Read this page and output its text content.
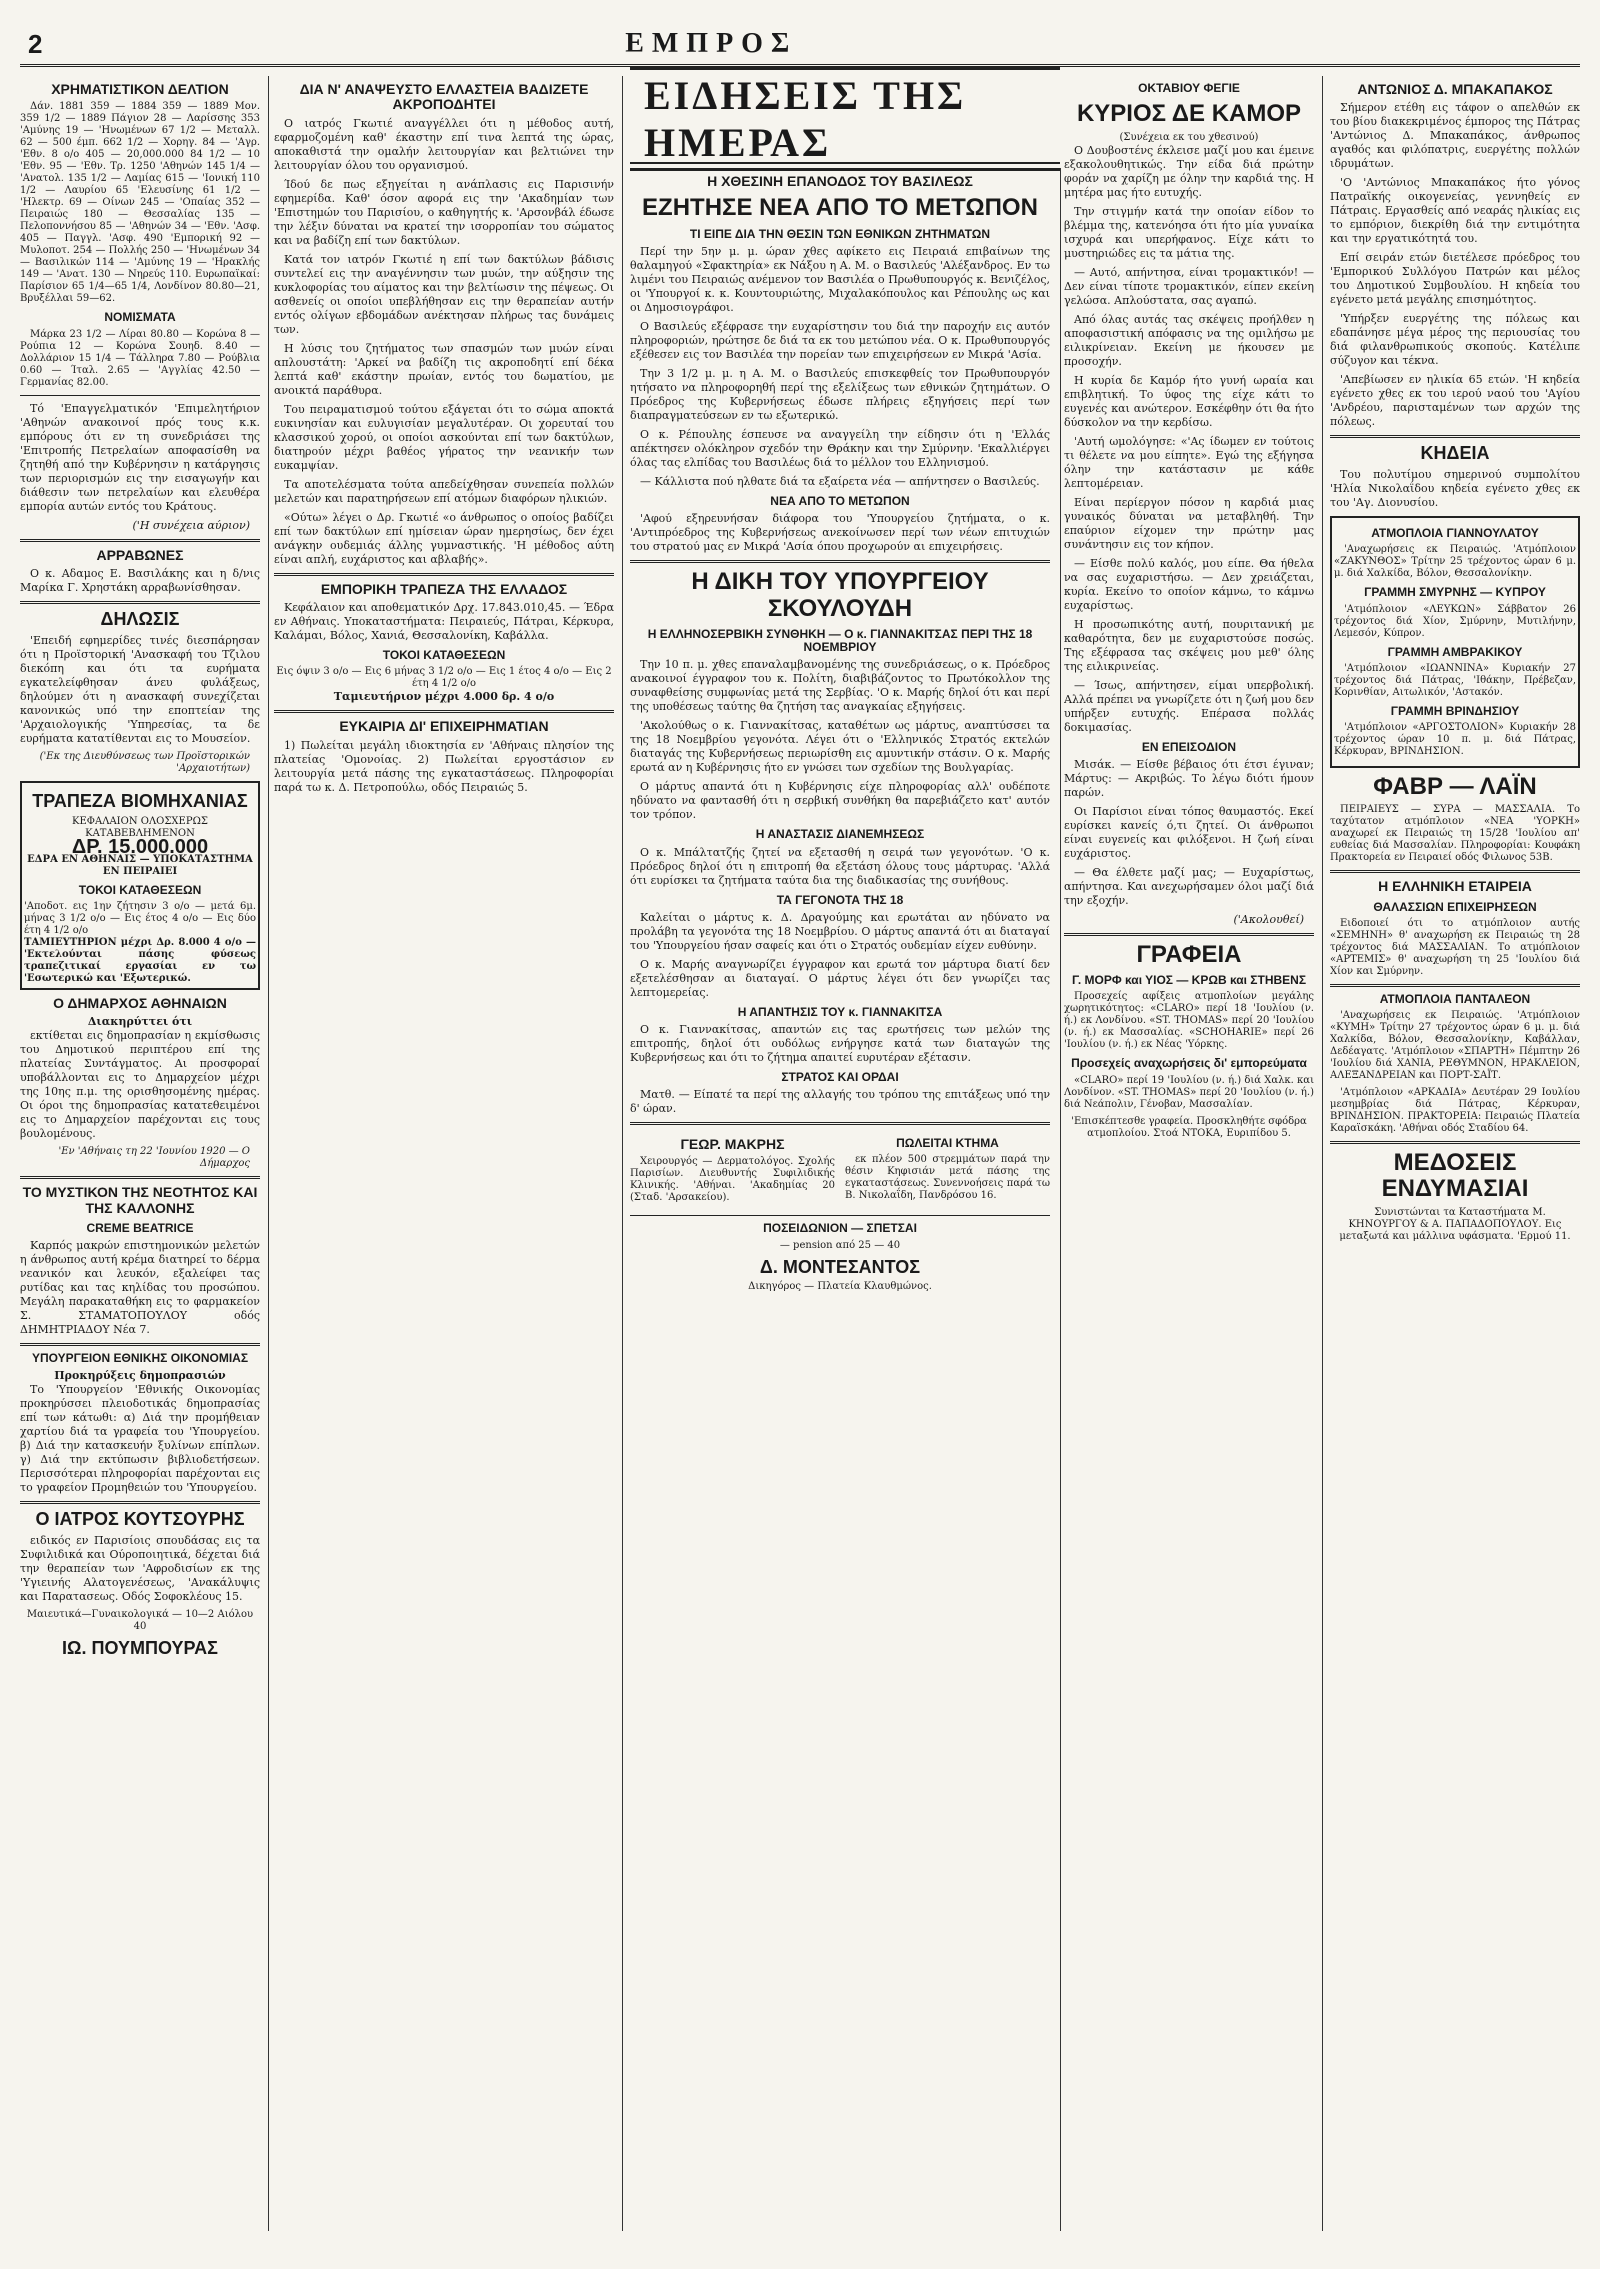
2	ΕΜΠΡΟΣ
ΧΡΗΜΑΤΙΣΤΙΚΟΝ ΔΕΛΤΙΟΝ

Δάν. 1881 359 — 1884 359 — 1889 Μον. 359 1/2 — 1889 Πάγιον 28 — Λαρίσσης 353 'Αμύνης 19 — 'Ηνωμένων 67 1/2 — Μεταλλ. 62 — 500 έμπ. 662 1/2 — Χορηγ. 84 — 'Αγρ. 'Εθν. 8 ο/ο 405 — 20,000.000 84 1/2 — 10 'Εθν. 95 — 'Εθν. Τρ. 1250 'Αθηνών 145 1/4 — 'Ανατολ. 135 1/2 — Λαμίας 615 — 'Ιονική 110 1/2 — Λαυρίου 65 'Ελευσίνης 61 1/2 — 'Ηλεκτρ. 69 — Οίνων 245 — 'Οπαίας 352 — Πειραιώς 180 — Θεσσαλίας 135 — Πελοποννήσου 85 — 'Αθηνών 34 — 'Εθν. 'Ασφ. 405 — Παγγλ. 'Ασφ. 490 'Εμπορική 92 — Μυλοποτ. 254 — Πολλής 250 — 'Ηνωμένων 34 — Βασιλικών 114 — 'Αμύνης 19 — 'Ηρακλής 149 — 'Ανατ. 130 — Νηρεύς 110. Ευρωπαϊκαί: Παρίσιον 65 1/4—65 1/4, Λονδίνον 80.80—21, Βρυξέλλαι 59—62.

ΝΟΜΙΣΜΑΤΑ

Μάρκα 23 1/2 — Λίραι 80.80 — Κορώνα 8 — Ρούπια 12 — Κορώνα Σουηδ. 8.40 — Δολλάριον 15 1/4 — Τάλληρα 7.80 — Ρούβλια 0.60 — Ίταλ. 2.65 — 'Αγγλίας 42.50 — Γερμανίας 82.00.

Τό 'Επαγγελματικόν 'Επιμελητήριον 'Αθηνών ανακοινοί πρός τους κ.κ. εμπόρους ότι εν τη συνεδριάσει της 'Επιτροπής Πετρελαίων αποφασίσθη να ζητηθή από την Κυβέρνησιν η κατάργησις των περιορισμών εις την εισαγωγήν και διάθεσιν των πετρελαίων και ελευθέρα εμπορία αυτών εντός του Κράτους.

('Η συνέχεια αύριον)
ΑΡΡΑΒΩΝΕΣ

Ο κ. Αδαμος Ε. Βασιλάκης και η δ/νις Μαρίκα Γ. Χρηστάκη αρραβωνίσθησαν.

ΔΗΛΩΣΙΣ

'Επειδή εφημερίδες τινές διεσπάρησαν ότι η Προϊστορική 'Ανασκαφή του Τζιλου διεκόπη και ότι τα ευρήματα εγκατελείφθησαν άνευ φυλάξεως, δηλούμεν ότι η ανασκαφή συνεχίζεται κανονικώς υπό την εποπτείαν της 'Αρχαιολογικής 'Υπηρεσίας, τα δε ευρήματα κατατίθενται εις το Μουσείον.

('Εκ της Διευθύνσεως των Προϊστορικών 'Αρχαιοτήτων)
ΤΡΑΠΕΖΑ ΒΙΟΜΗΧΑΝΙΑΣ
ΚΕΦΑΛΑΙΟΝ ΟΛΟΣΧΕΡΩΣ ΚΑΤΑΒΕΒΛΗΜΕΝΟΝ
ΔΡ. 15.000.000
ΕΔΡΑ ΕΝ ΑΘΗΝΑΙΣ — ΥΠΟΚΑΤΑΣΤΗΜΑ ΕΝ ΠΕΙΡΑΙΕΙ
ΤΟΚΟΙ ΚΑΤΑΘΕΣΕΩΝ
'Αποδοτ. εις 1ην ζήτησιν 3 ο/ο — μετά 6μ. μήνας 3 1/2 ο/ο — Εις έτος 4 ο/ο — Εις δύο έτη 4 1/2 ο/ο
ΤΑΜΙΕΥΤΗΡΙΟΝ μέχρι Δρ. 8.000 4 ο/ο — 'Εκτελούνται πάσης φύσεως τραπεζιτικαί εργασίαι εν τω 'Εσωτερικώ και 'Εξωτερικώ.
Ο ΔΗΜΑΡΧΟΣ ΑΘΗΝΑΙΩΝ
Διακηρύττει ότι

εκτίθεται εις δημοπρασίαν η εκμίσθωσις του Δημοτικού περιπτέρου επί της πλατείας Συντάγματος. Αι προσφοραί υποβάλλονται εις το Δημαρχείον μέχρι της 10ης π.μ. της ορισθησομένης ημέρας. Οι όροι της δημοπρασίας κατατεθειμένοι εις το Δημαρχείον παρέχονται εις τους βουλομένους.

'Εν 'Αθήναις τη 22 'Ιουνίου 1920 — Ο Δήμαρχος
ΤΟ ΜΥΣΤΙΚΟΝ ΤΗΣ ΝΕΟΤΗΤΟΣ ΚΑΙ ΤΗΣ ΚΑΛΛΟΝΗΣ
CREME BEATRICE

Καρπός μακρών επιστημονικών μελετών η άνθρωπος αυτή κρέμα διατηρεί το δέρμα νεανικόν και λευκόν, εξαλείφει τας ρυτίδας και τας κηλίδας του προσώπου. Μεγάλη παρακαταθήκη εις το φαρμακείον Σ. ΣΤΑΜΑΤΟΠΟΥΛΟΥ οδός ΔΗΜΗΤΡΙΑΔΟΥ Νέα 7.

ΥΠΟΥΡΓΕΙΟΝ ΕΘΝΙΚΗΣ ΟΙΚΟΝΟΜΙΑΣ
Προκηρύξεις δημοπρασιών

Το 'Υπουργείον 'Εθνικής Οικονομίας προκηρύσσει πλειοδοτικάς δημοπρασίας επί των κάτωθι: α) Διά την προμήθειαν χαρτίου διά τα γραφεία του 'Υπουργείου. β) Διά την κατασκευήν ξυλίνων επίπλων. γ) Διά την εκτύπωσιν βιβλιοδετήσεων. Περισσότεραι πληροφορίαι παρέχονται εις το γραφείον Προμηθειών του 'Υπουργείου.

Ο ΙΑΤΡΟΣ ΚΟΥΤΣΟΥΡΗΣ

ειδικός εν Παρισίοις σπουδάσας εις τα Συφιλιδικά και Ούροποιητικά, δέχεται διά την θεραπείαν των 'Αφροδισίων εκ της 'Υγιεινής Αλατογενέσεως, 'Ανακάλυψις και Παρατασεως. Οδός Σοφοκλέους 15.

Μαιευτικά—Γυναικολογικά — 10—2 Αιόλου 40
ΙΩ. ΠΟΥΜΠΟΥΡΑΣ
ΔΙΑ Ν' ΑΝΑΨΕΥΣΤΟ ΕΛΛΑΣΤΕΙΑ ΒΑΔΙΖΕΤΕ ΑΚΡΟΠΟΔΗΤΕΙ

Ο ιατρός Γκωτιέ αναγγέλλει ότι η μέθοδος αυτή, εφαρμοζομένη καθ' έκαστην επί τινα λεπτά της ώρας, αποκαθιστά την ομαλήν λειτουργίαν και βελτιώνει την λειτουργίαν όλου του οργανισμού.

Ίδού δε πως εξηγείται η ανάπλασις εις Παρισινήν εφημερίδα. Καθ' όσον αφορά εις την 'Ακαδημίαν των 'Επιστημών του Παρισίου, ο καθηγητής κ. 'Αρσονβάλ έδωσε την λέξιν δύναται να κρατεί την ισορροπίαν του σώματος και να βαδίζη επί των δακτύλων.

Κατά τον ιατρόν Γκωτιέ η επί των δακτύλων βάδισις συντελεί εις την αναγέννησιν των μυών, την αύξησιν της κυκλοφορίας του αίματος και την βελτίωσιν της πέψεως. Οι ασθενείς οι οποίοι υπεβλήθησαν εις την θεραπείαν αυτήν εντός ολίγων εβδομάδων ανέκτησαν πλήρως τας δυνάμεις των.

Η λύσις του ζητήματος των σπασμών των μυών είναι απλουστάτη: 'Αρκεί να βαδίζη τις ακροποδητί επί δέκα λεπτά καθ' εκάστην πρωίαν, εντός του δωματίου, με ανοικτά παράθυρα.

Του πειραματισμού τούτου εξάγεται ότι το σώμα αποκτά ευκινησίαν και ευλυγισίαν μεγαλυτέραν. Οι χορευταί του κλασσικού χορού, οι οποίοι ασκούνται επί των δακτύλων, διατηρούν μέχρι βαθέος γήρατος την νεανικήν των ευκαμψίαν.

Τα αποτελέσματα τούτα απεδείχθησαν συνεπεία πολλών μελετών και παρατηρήσεων επί ατόμων διαφόρων ηλικιών.

«Ούτω» λέγει ο Δρ. Γκωτιέ «ο άνθρωπος ο οποίος βαδίζει επί των δακτύλων επί ημίσειαν ώραν ημερησίως, δεν έχει ανάγκην ουδεμιάς άλλης γυμναστικής. 'Η μέθοδος αύτη είναι απλή, ευχάριστος και αβλαβής».

ΕΜΠΟΡΙΚΗ ΤΡΑΠΕΖΑ ΤΗΣ ΕΛΛΑΔΟΣ

Κεφάλαιον και αποθεματικόν Δρχ. 17.843.010,45. — Έδρα εν Αθήναις. Υποκαταστήματα: Πειραιεύς, Πάτραι, Κέρκυρα, Καλάμαι, Βόλος, Χανιά, Θεσσαλονίκη, Καβάλλα.

ΤΟΚΟΙ ΚΑΤΑΘΕΣΕΩΝ
Εις όψιν 3 ο/ο — Εις 6 μήνας 3 1/2 ο/ο — Εις 1 έτος 4 ο/ο — Εις 2 έτη 4 1/2 ο/ο
Ταμιευτήριον μέχρι 4.000 δρ. 4 ο/ο
ΕΥΚΑΙΡΙΑ ΔΙ' ΕΠΙΧΕΙΡΗΜΑΤΙΑΝ

1) Πωλείται μεγάλη ιδιοκτησία εν 'Αθήναις πλησίον της πλατείας 'Ομονοίας. 2) Πωλείται εργοστάσιον εν λειτουργία μετά πάσης της εγκαταστάσεως. Πληροφορίαι παρά τω κ. Δ. Πετροπούλω, οδός Πειραιώς 5.

ΕΙΔΗΣΕΙΣ ΤΗΣ ΗΜΕΡΑΣ
Η ΧΘΕΣΙΝΗ ΕΠΑΝΟΔΟΣ ΤΟΥ ΒΑΣΙΛΕΩΣ
ΕΖΗΤΗΣΕ ΝΕΑ ΑΠΟ ΤΟ ΜΕΤΩΠΟΝ
ΤΙ ΕΙΠΕ ΔΙΑ ΤΗΝ ΘΕΣΙΝ ΤΩΝ ΕΘΝΙΚΩΝ ΖΗΤΗΜΑΤΩΝ

Περί την 5ην μ. μ. ώραν χθες αφίκετο εις Πειραιά επιβαίνων της θαλαμηγού «Σφακτηρία» εκ Νάξου η Α. Μ. ο Βασιλεύς 'Αλέξανδρος. Εν τω λιμένι του Πειραιώς ανέμενον τον Βασιλέα ο Πρωθυπουργός κ. Βενιζέλος, οι 'Υπουργοί κ. κ. Κουντουριώτης, Μιχαλακόπουλος και Ρέπουλης ως και οι Δημοσιογράφοι.

Ο Βασιλεύς εξέφρασε την ευχαρίστησιν του διά την παροχήν εις αυτόν πληροφοριών, ηρώτησε δε διά τα εκ του μετώπου νέα. Ο κ. Πρωθυπουργός εξέθεσεν εις τον Βασιλέα την πορείαν των επιχειρήσεων εν Μικρά 'Ασία.

Την 3 1/2 μ. μ. η Α. Μ. ο Βασιλεύς επισκεφθείς τον Πρωθυπουργόν ητήσατο να πληροφορηθή περί της εξελίξεως των εθνικών ζητημάτων. Ο Πρόεδρος της Κυβερνήσεως έδωσε πλήρεις εξηγήσεις περί των διαπραγματεύσεων εν τω εξωτερικώ.

Ο κ. Ρέπουλης έσπευσε να αναγγείλη την είδησιν ότι η 'Ελλάς απέκτησεν ολόκληρον σχεδόν την Θράκην και την Σμύρνην. 'Εκαλλιέργει όλας τας ελπίδας του Βασιλέως διά το μέλλον του Ελληνισμού.

— Κάλλιστα πού ηλθατε διά τα εξαίρετα νέα — απήντησεν ο Βασιλεύς.

ΝΕΑ ΑΠΟ ΤΟ ΜΕΤΩΠΟΝ

'Αφού εξηρευνήσαν διάφορα του 'Υπουργείου ζητήματα, ο κ. 'Αντιπρόεδρος της Κυβερνήσεως ανεκοίνωσεν περί των νέων επιτυχιών του στρατού μας εν Μικρά 'Ασία όπου προχωρούν αι επιχειρήσεις.

Η ΔΙΚΗ ΤΟΥ ΥΠΟΥΡΓΕΙΟΥ ΣΚΟΥΛΟΥΔΗ
Η ΕΛΛΗΝΟΣΕΡΒΙΚΗ ΣΥΝΘΗΚΗ — Ο κ. ΓΙΑΝΝΑΚΙΤΣΑΣ ΠΕΡΙ ΤΗΣ 18 ΝΟΕΜΒΡΙΟΥ

Την 10 π. μ. χθες επαναλαμβανομένης της συνεδριάσεως, ο κ. Πρόεδρος ανακοινοί έγγραφον του κ. Πολίτη, διαβιβάζοντος το Πρωτόκολλον της συναφθείσης συμφωνίας μετά της Σερβίας. 'Ο κ. Μαρής δηλοί ότι και περί της υποθέσεως ταύτης θα ζητήση τας αναγκαίας εξηγήσεις.

'Ακολούθως ο κ. Γιαννακίτσας, καταθέτων ως μάρτυς, αναπτύσσει τα της 18 Νοεμβρίου γεγονότα. Λέγει ότι ο 'Ελληνικός Στρατός εκτελών διαταγάς της Κυβερνήσεως περιωρίσθη εις αμυντικήν στάσιν. Ο κ. Μαρής ερωτά αν η Κυβέρνησις ήτο εν γνώσει των σχεδίων της Βουλγαρίας.

Ο μάρτυς απαντά ότι η Κυβέρνησις είχε πληροφορίας αλλ' ουδέποτε ηδύνατο να φαντασθή ότι η σερβική συνθήκη θα παρεβιάζετο κατ' αυτόν τον τρόπον.

Η ΑΝΑΣΤΑΣΙΣ ΔΙΑΝΕΜΗΣΕΩΣ

Ο κ. Μπάλτατζής ζητεί να εξετασθή η σειρά των γεγονότων. 'Ο κ. Πρόεδρος δηλοί ότι η επιτροπή θα εξετάση όλους τους μάρτυρας. 'Αλλά ότι ευρίσκει τα ζητήματα ταύτα δια της διαδικασίας της συνήθους.

ΤΑ ΓΕΓΟΝΟΤΑ ΤΗΣ 18

Καλείται ο μάρτυς κ. Δ. Δραγούμης και ερωτάται αν ηδύνατο να προλάβη τα γεγονότα της 18 Νοεμβρίου. Ο μάρτυς απαντά ότι αι διαταγαί του 'Υπουργείου ήσαν σαφείς και ότι ο Στρατός ουδεμίαν είχεν ευθύνην.

Ο κ. Μαρής αναγνωρίζει έγγραφον και ερωτά τον μάρτυρα διατί δεν εξετελέσθησαν αι διαταγαί. Ο μάρτυς λέγει ότι δεν γνωρίζει τας λεπτομερείας.

Η ΑΠΑΝΤΗΣΙΣ ΤΟΥ κ. ΓΙΑΝΝΑΚΙΤΣΑ

Ο κ. Γιαννακίτσας, απαντών εις τας ερωτήσεις των μελών της επιτροπής, δηλοί ότι ουδόλως ενήργησε κατά των διαταγών της Κυβερνήσεως και ότι το ζήτημα απαιτεί ευρυτέραν εξέτασιν.

ΣΤΡΑΤΟΣ ΚΑΙ ΟΡΔΑΙ

Ματθ. — Είπατέ τα περί της αλλαγής του τρόπου της επιτάξεως υπό την δ' ώραν.

ΓΕΩΡ. ΜΑΚΡΗΣ

Χειρουργός — Δερματολόγος. Σχολής Παρισίων. Διευθυντής Συφιλιδικής Κλινικής. 'Αθήναι. 'Ακαδημίας 20 (Σταδ. 'Αρσακείου).

ΠΩΛΕΙΤΑΙ ΚΤΗΜΑ

εκ πλέον 500 στρεμμάτων παρά την θέσιν Κηφισιάν μετά πάσης της εγκαταστάσεως. Συνεννοήσεις παρά τω Β. Νικολαΐδη, Πανδρόσου 16.

ΠΟΣΕΙΔΩΝΙΟΝ — ΣΠΕΤΣΑΙ
— pension από 25 — 40
Δ. ΜΟΝΤΕΣΑΝΤΟΣ
Δικηγόρος — Πλατεία Κλαυθμώνος.
ΟΚΤΑΒΙΟΥ ΦΕΓΙΕ
ΚΥΡΙΟΣ ΔΕ ΚΑΜΟΡ
(Συνέχεια εκ του χθεσινού)

Ο Δουβοστένς έκλεισε μαζί μου και έμεινε εξακολουθητικώς. Την είδα διά πρώτην φοράν να χαρίζη με όλην την καρδιά της. Η μητέρα μας ήτο ευτυχής.

Την στιγμήν κατά την οποίαν είδον το βλέμμα της, κατενόησα ότι ήτο μία γυναίκα ισχυρά και υπερήφανος. Είχε κάτι το μυστηριώδες εις τα μάτια της.

— Αυτό, απήντησα, είναι τρομακτικόν! — Δεν είναι τίποτε τρομακτικόν, είπεν εκείνη γελώσα. Απλούστατα, σας αγαπώ.

Από όλας αυτάς τας σκέψεις προήλθεν η αποφασιστική απόφασις να της ομιλήσω με ειλικρίνειαν. Εκείνη με ήκουσεν με προσοχήν.

Η κυρία δε Καμόρ ήτο γυνή ωραία και επιβλητική. Το ύφος της είχε κάτι το ευγενές και ανώτερον. Εσκέφθην ότι θα ήτο δύσκολον να την κερδίσω.

'Αυτή ωμολόγησε: «'Ας ίδωμεν εν τούτοις τι θέλετε να μου είπητε». Εγώ της εξήγησα όλην την κατάστασιν με κάθε λεπτομέρειαν.

Είναι περίεργον πόσον η καρδιά μιας γυναικός δύναται να μεταβληθή. Την επαύριον είχομεν την πρώτην μας συνάντησιν εις τον κήπον.

— Είσθε πολύ καλός, μου είπε. Θα ήθελα να σας ευχαριστήσω. — Δεν χρειάζεται, κυρία. Εκείνο το οποίον κάμνω, το κάμνω ευχαρίστως.

Η προσωπικότης αυτή, πουριτανική με καθαρότητα, δεν με ευχαριστούσε ποσώς. Της εξέφρασα τας σκέψεις μου μεθ' όλης της ειλικρινείας.

— Ίσως, απήντησεν, είμαι υπερβολική. Αλλά πρέπει να γνωρίζετε ότι η ζωή μου δεν υπήρξεν ευτυχής. Επέρασα πολλάς δοκιμασίας.

ΕΝ ΕΠΕΙΣΟΔΙΟΝ

Μισάκ. — Είσθε βέβαιος ότι έτσι έγιναν; Μάρτυς: — Ακριβώς. Το λέγω διότι ήμουν παρών.

Οι Παρίσιοι είναι τόπος θαυμαστός. Εκεί ευρίσκει κανείς ό,τι ζητεί. Οι άνθρωποι είναι ευγενείς και φιλόξενοι. Η ζωή είναι ευχάριστος.

— Θα έλθετε μαζί μας; — Ευχαρίστως, απήντησα. Και ανεχωρήσαμεν όλοι μαζί διά την εξοχήν.

('Ακολουθεί)
ΓΡΑΦΕΙΑ
Γ. ΜΟΡΦ και ΥΙΟΣ — ΚΡΩΒ και ΣΤΗΒΕΝΣ

Προσεχείς αφίξεις ατμοπλοίων μεγάλης χωρητικότητος: «CLARO» περί 18 'Ιουλίου (ν. ή.) εκ Λονδίνου. «ST. THOMAS» περί 20 'Ιουλίου (ν. ή.) εκ Μασσαλίας. «SCHOHARIE» περί 26 'Ιουλίου (ν. ή.) εκ Νέας 'Υόρκης.

Προσεχείς αναχωρήσεις δι' εμπορεύματα

«CLARO» περί 19 'Ιουλίου (ν. ή.) διά Χαλκ. και Λονδίνον. «ST. THOMAS» περί 20 'Ιουλίου (ν. ή.) διά Νεάπολιν, Γένοβαν, Μασσαλίαν.

'Επισκέπτεσθε γραφεία. Προσκληθήτε σφόδρα ατμοπλοίου. Στοά ΝΤΟΚΑ, Ευριπίδου 5.
ΑΝΤΩΝΙΟΣ Δ. ΜΠΑΚΑΠΑΚΟΣ

Σήμερον ετέθη εις τάφον ο απελθών εκ του βίου διακεκριμένος έμπορος της Πάτρας 'Αντώνιος Δ. Μπακαπάκος, άνθρωπος αγαθός και φιλόπατρις, ευεργέτης πολλών ιδρυμάτων.

'Ο 'Αντώνιος Μπακαπάκος ήτο γόνος Πατραϊκής οικογενείας, γεννηθείς εν Πάτραις. Εργασθείς από νεαράς ηλικίας εις το εμπόριον, διεκρίθη διά την εντιμότητα και την εργατικότητά του.

Επί σειράν ετών διετέλεσε πρόεδρος του 'Εμπορικού Συλλόγου Πατρών και μέλος του Δημοτικού Συμβουλίου. Η κηδεία του εγένετο μετά μεγάλης επισημότητος.

'Υπήρξεν ευεργέτης της πόλεως και εδαπάνησε μέγα μέρος της περιουσίας του διά φιλανθρωπικούς σκοπούς. Κατέλιπε σύζυγον και τέκνα.

'Απεβίωσεν εν ηλικία 65 ετών. 'Η κηδεία εγένετο χθες εκ του ιερού ναού του 'Αγίου 'Ανδρέου, παρισταμένων των αρχών της πόλεως.

ΚΗΔΕΙΑ

Του πολυτίμου σημερινού συμπολίτου 'Ηλία Νικολαΐδου κηδεία εγένετο χθες εκ του 'Αγ. Διονυσίου.

ΑΤΜΟΠΛΟΙΑ ΓΙΑΝΝΟΥΛΑΤΟΥ

'Αναχωρήσεις εκ Πειραιώς. 'Ατμόπλοιον «ΖΑΚΥΝΘΟΣ» Τρίτην 25 τρέχοντος ώραν 6 μ. μ. διά Χαλκίδα, Βόλον, Θεσσαλονίκην.

ΓΡΑΜΜΗ ΣΜΥΡΝΗΣ — ΚΥΠΡΟΥ

'Ατμόπλοιον «ΛΕΥΚΩΝ» Σάββατον 26 τρέχοντος διά Χίον, Σμύρνην, Μυτιλήνην, Λεμεσόν, Κύπρον.

ΓΡΑΜΜΗ ΑΜΒΡΑΚΙΚΟΥ

'Ατμόπλοιον «ΙΩΑΝΝΙΝΑ» Κυριακήν 27 τρέχοντος διά Πάτρας, 'Ιθάκην, Πρέβεζαν, Κορινθίαν, Αιτωλικόν, 'Αστακόν.

ΓΡΑΜΜΗ ΒΡΙΝΔΗΣΙΟΥ

'Ατμόπλοιον «ΑΡΓΟΣΤΟΛΙΟΝ» Κυριακήν 28 τρέχοντος ώραν 10 π. μ. διά Πάτρας, Κέρκυραν, ΒΡΙΝΔΗΣΙΟΝ.

ΦΑΒΡ — ΛΑΪΝ

ΠΕΙΡΑΙΕΥΣ — ΣΥΡΑ — ΜΑΣΣΑΛΙΑ. Το ταχύτατον ατμόπλοιον «ΝΕΑ 'ΥΟΡΚΗ» αναχωρεί εκ Πειραιώς τη 15/28 'Ιουλίου απ' ευθείας διά Μασσαλίαν. Πληροφορίαι: Κουφάκη Πρακτορεία εν Πειραιεί οδός Φιλωνος 53Β.

Η ΕΛΛΗΝΙΚΗ ΕΤΑΙΡΕΙΑ
ΘΑΛΑΣΣΙΩΝ ΕΠΙΧΕΙΡΗΣΕΩΝ

Ειδοποιεί ότι το ατμόπλοιον αυτής «ΣΕΜΗΝΗ» θ' αναχωρήση εκ Πειραιώς τη 28 τρέχοντος διά ΜΑΣΣΑΛΙΑΝ. Το ατμόπλοιον «ΑΡΤΕΜΙΣ» θ' αναχωρήση τη 25 'Ιουλίου διά Χίον και Σμύρνην.

ΑΤΜΟΠΛΟΙΑ ΠΑΝΤΑΛΕΟΝ

'Αναχωρήσεις εκ Πειραιώς. 'Ατμόπλοιον «ΚΥΜΗ» Τρίτην 27 τρέχοντος ώραν 6 μ. μ. διά Χαλκίδα, Βόλον, Θεσσαλονίκην, Καβάλλαν, Δεδέαγατς. 'Ατμόπλοιον «ΣΠΑΡΤΗ» Πέμπτην 26 'Ιουλίου διά ΧΑΝΙΑ, ΡΕΘΥΜΝΟΝ, ΗΡΑΚΛΕΙΟΝ, ΑΛΕΞΑΝΔΡΕΙΑΝ και ΠΟΡΤ-ΣΑΪΤ.

'Ατμόπλοιον «ΑΡΚΑΔΙΑ» Δευτέραν 29 Ιουλίου μεσημβρίας διά Πάτρας, Κέρκυραν, ΒΡΙΝΔΗΣΙΟΝ. ΠΡΑΚΤΟΡΕΙΑ: Πειραιώς Πλατεία Καραϊσκάκη. 'Αθήναι οδός Σταδίου 64.

ΜΕΔΟΣΕΙΣ ΕΝΔΥΜΑΣΙΑΙ

Συνιστώνται τα Καταστήματα Μ. ΚΗΝΟΥΡΓΟΥ & Α. ΠΑΠΑΔΟΠΟΥΛΟΥ. Εις μεταξωτά και μάλλινα υφάσματα. 'Ερμού 11.
